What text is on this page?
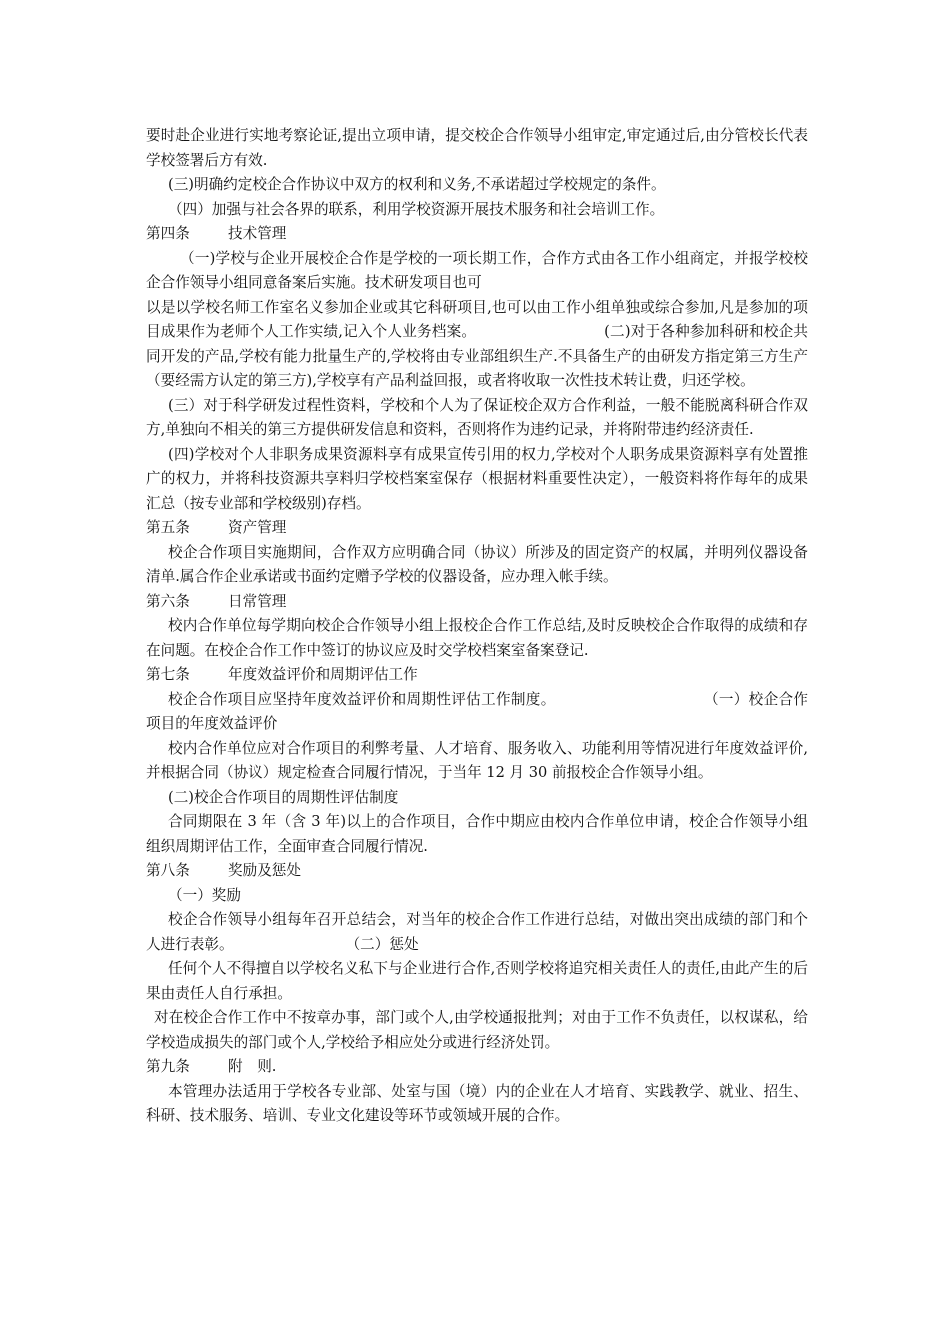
要时赴企业进行实地考察论证,提出立项申请，提交校企合作领导小组审定,审定通过后,由分管校长代表学校签署后方有效.

(三)明确约定校企合作协议中双方的权利和义务,不承诺超过学校规定的条件。

（四）加强与社会各界的联系，利用学校资源开展技术服务和社会培训工作。

第四条	技术管理

（一)学校与企业开展校企合作是学校的一项长期工作，合作方式由各工作小组商定，并报学校校企合作领导小组同意备案后实施。技术研发项目也可

以是以学校名师工作室名义参加企业或其它科研项目,也可以由工作小组单独或综合参加,凡是参加的项目成果作为老师个人工作实绩,记入个人业务档案。	(二)对于各种参加科研和校企共同开发的产品,学校有能力批量生产的,学校将由专业部组织生产.不具备生产的由研发方指定第三方生产（要经需方认定的第三方),学校享有产品利益回报，或者将收取一次性技术转让费，归还学校。

(三）对于科学研发过程性资料，学校和个人为了保证校企双方合作利益，一般不能脱离科研合作双方,单独向不相关的第三方提供研发信息和资料，否则将作为违约记录，并将附带违约经济责任.

(四)学校对个人非职务成果资源料享有成果宣传引用的权力,学校对个人职务成果资源料享有处置推广的权力，并将科技资源共享料归学校档案室保存（根据材料重要性决定），一般资料将作每年的成果汇总（按专业部和学校级别)存档。

第五条	资产管理

校企合作项目实施期间，合作双方应明确合同（协议）所涉及的固定资产的权属，并明列仪器设备清单.属合作企业承诺或书面约定赠予学校的仪器设备，应办理入帐手续。

第六条	日常管理

校内合作单位每学期向校企合作领导小组上报校企合作工作总结,及时反映校企合作取得的成绩和存在问题。在校企合作工作中签订的协议应及时交学校档案室备案登记.

第七条	年度效益评价和周期评估工作

校企合作项目应坚持年度效益评价和周期性评估工作制度。	（一）校企合作项目的年度效益评价

校内合作单位应对合作项目的利弊考量、人才培育、服务收入、功能利用等情况进行年度效益评价,并根据合同（协议）规定检查合同履行情况，于当年 12 月 30 前报校企合作领导小组。

(二)校企合作项目的周期性评估制度

合同期限在 3 年（含 3 年)以上的合作项目，合作中期应由校内合作单位申请，校企合作领导小组组织周期评估工作，全面审查合同履行情况.

第八条	奖励及惩处

（一）奖励

校企合作领导小组每年召开总结会，对当年的校企合作工作进行总结，对做出突出成绩的部门和个人进行表彰。	（二）惩处

任何个人不得擅自以学校名义私下与企业进行合作,否则学校将追究相关责任人的责任,由此产生的后果由责任人自行承担。

对在校企合作工作中不按章办事，部门或个人,由学校通报批判；对由于工作不负责任，以权谋私，给学校造成损失的部门或个人,学校给予相应处分或进行经济处罚。

第九条	附　则.

本管理办法适用于学校各专业部、处室与国（境）内的企业在人才培育、实践教学、就业、招生、科研、技术服务、培训、专业文化建设等环节或领域开展的合作。
